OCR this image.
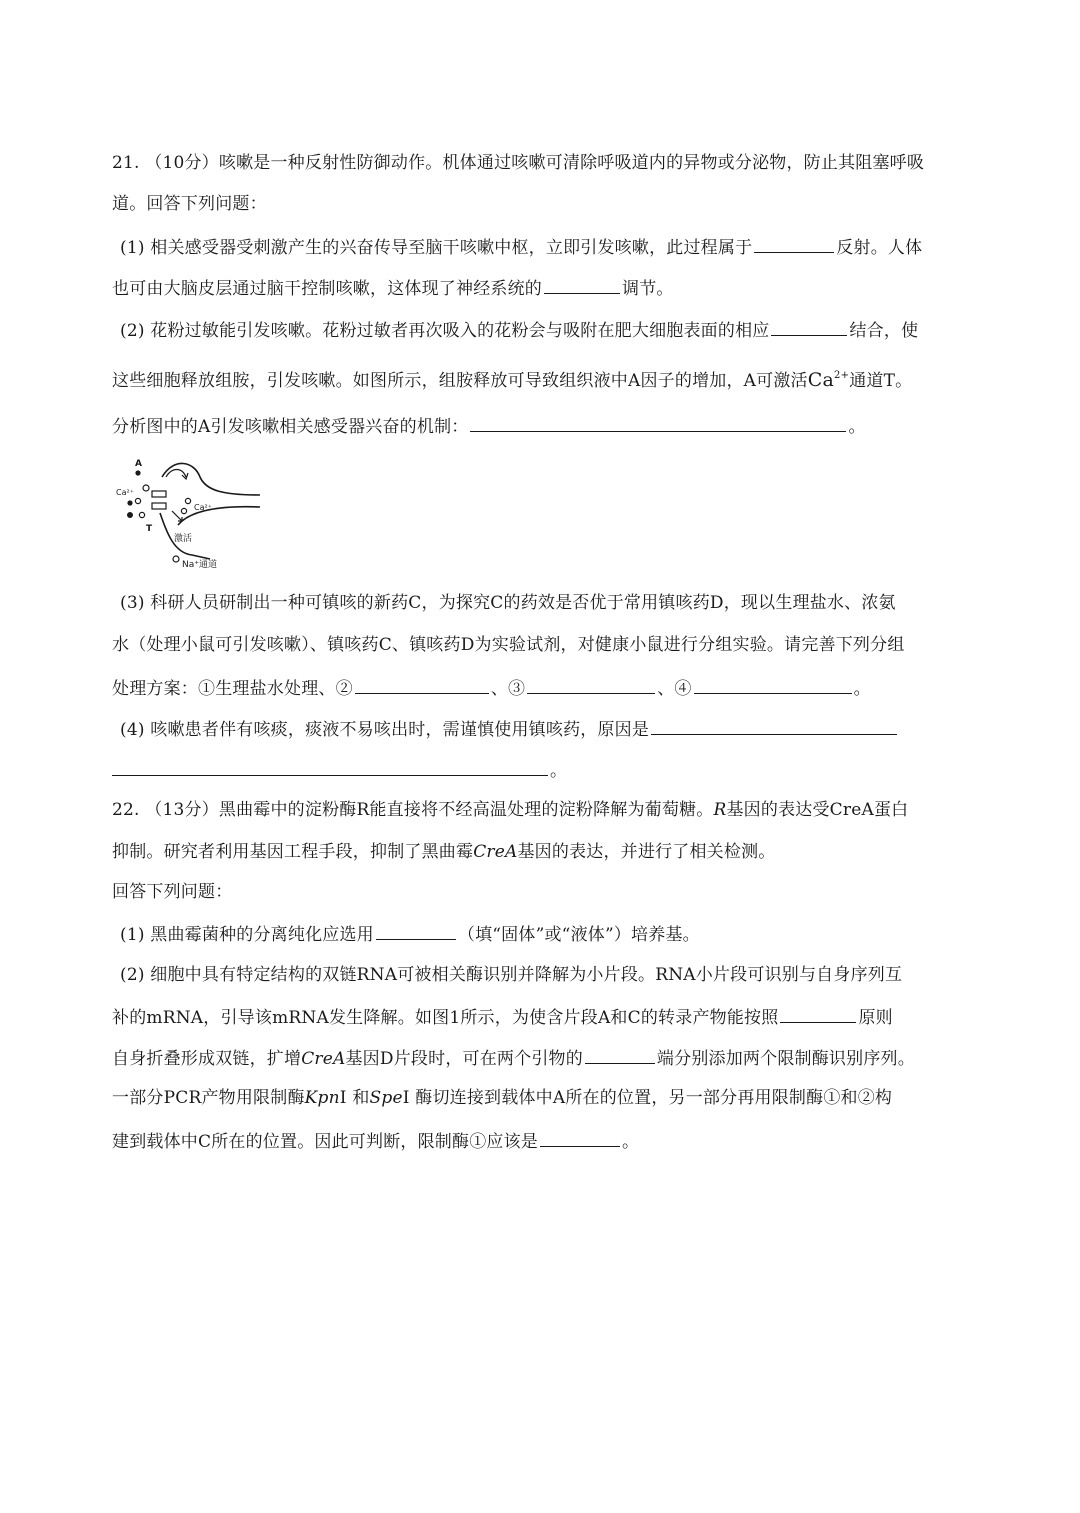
21. （10分）咳嗽是一种反射性防御动作。机体通过咳嗽可清除呼吸道内的异物或分泌物，防止其阻塞呼吸
道。回答下列问题：
(1) 相关感受器受刺激产生的兴奋传导至脑干咳嗽中枢，立即引发咳嗽，此过程属于	反射。人体
也可由大脑皮层通过脑干控制咳嗽，这体现了神经系统的	调节。
(2) 花粉过敏能引发咳嗽。花粉过敏者再次吸入的花粉会与吸附在肥大细胞表面的相应	结合，使
这些细胞释放组胺，引发咳嗽。如图所示，组胺释放可导致组织液中A因子的增加，A可激活$Ca^{2+}$通道T。
分析图中的A引发咳嗽相关感受器兴奋的机制：	。
A
Ca²⁺
Ca²⁺
T
激活
Na⁺通道
(3) 科研人员研制出一种可镇咳的新药C，为探究C的药效是否优于常用镇咳药D，现以生理盐水、浓氨
水（处理小鼠可引发咳嗽）、镇咳药C、镇咳药D为实验试剂，对健康小鼠进行分组实验。请完善下列分组
处理方案：①生理盐水处理、②	、③	、④	。
(4) 咳嗽患者伴有咳痰，痰液不易咳出时，需谨慎使用镇咳药，原因是
。
22. （13分）黑曲霉中的淀粉酶R能直接将不经高温处理的淀粉降解为葡萄糖。R基因的表达受CreA蛋白
抑制。研究者利用基因工程手段，抑制了黑曲霉CreA基因的表达，并进行了相关检测。
回答下列问题：
(1) 黑曲霉菌种的分离纯化应选用	（填“固体”或“液体”）培养基。
(2) 细胞中具有特定结构的双链RNA可被相关酶识别并降解为小片段。RNA小片段可识别与自身序列互
补的mRNA，引导该mRNA发生降解。如图1所示，为使含片段A和C的转录产物能按照	原则
自身折叠形成双链，扩增CreA基因D片段时，可在两个引物的	端分别添加两个限制酶识别序列。
一部分PCR产物用限制酶KpnⅠ 和SpeⅠ 酶切连接到载体中A所在的位置，另一部分再用限制酶①和②构
建到载体中C所在的位置。因此可判断，限制酶①应该是	。
